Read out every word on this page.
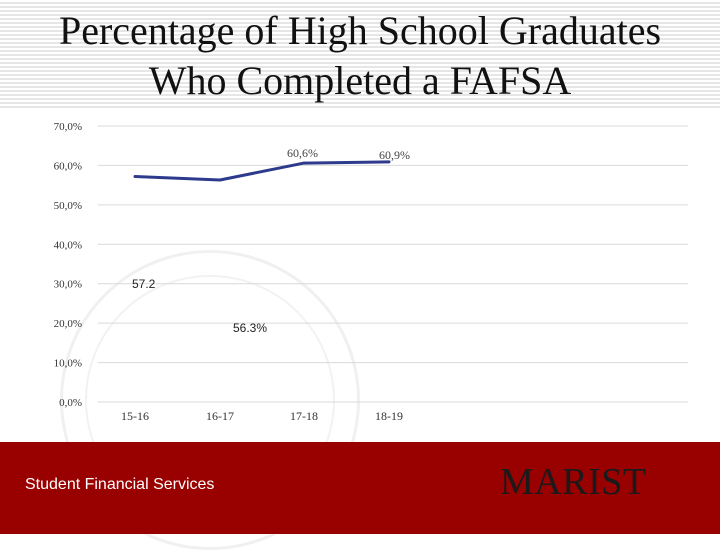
Percentage of High School Graduates
Who Completed a FAFSA
0,0%
10,0%
20,0%
30,0%
40,0%
50,0%
60,0%
70,0%
15-16	16-17	17-18	18-19
57.2
56.3%
60,6%	60,9%
Student Financial Services	MARIST
